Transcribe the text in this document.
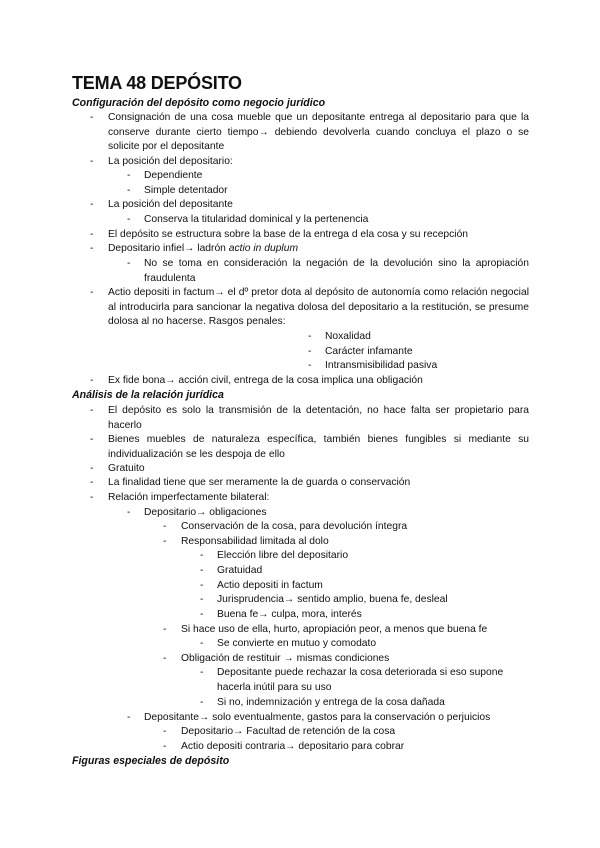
TEMA 48 DEPÓSITO
Configuración del depósito como negocio jurídico
- Consignación de una cosa mueble que un depositante entrega al depositario para que la conserve durante cierto tiempo→ debiendo devolverla cuando concluya el plazo o se solicite por el depositante
- La posición del depositario:
- Dependiente
- Simple detentador
- La posición del depositante
- Conserva la titularidad dominical y la pertenencia
- El depósito se estructura sobre la base de la entrega d ela cosa y su recepción
- Depositario infiel→ ladrón actio in duplum
- No se toma en consideración la negación de la devolución sino la apropiación fraudulenta
- Actio depositi in factum→ el dº pretor dota al depósito de autonomía como relación negocial al introducirla para sancionar la negativa dolosa del depositario a la restitución, se presume dolosa al no hacerse. Rasgos penales:
- Noxalidad
- Carácter infamante
- Intransmisibilidad pasiva
- Ex fide bona→ acción civil, entrega de la cosa implica una obligación
Análisis de la relación jurídica
- El depósito es solo la transmisión de la detentación, no hace falta ser propietario para hacerlo
- Bienes muebles de naturaleza específica, también bienes fungibles si mediante su individualización se les despoja de ello
- Gratuito
- La finalidad tiene que ser meramente la de guarda o conservación
- Relación imperfectamente bilateral:
- Depositario→ obligaciones
- Conservación de la cosa, para devolución íntegra
- Responsabilidad limitada al dolo
- Elección libre del depositario
- Gratuidad
- Actio depositi in factum
- Jurisprudencia→ sentido amplio, buena fe, desleal
- Buena fe→ culpa, mora, interés
- Si hace uso de ella, hurto, apropiación peor, a menos que buena fe
- Se convierte en mutuo y comodato
- Obligación de restituir → mismas condiciones
- Depositante puede rechazar la cosa deteriorada si eso supone hacerla inútil para su uso
- Si no, indemnización y entrega de la cosa dañada
- Depositante→ solo eventualmente, gastos para la conservación o perjuicios
- Depositario→ Facultad de retención de la cosa
- Actio depositi contraria→ depositario para cobrar
Figuras especiales de depósito
